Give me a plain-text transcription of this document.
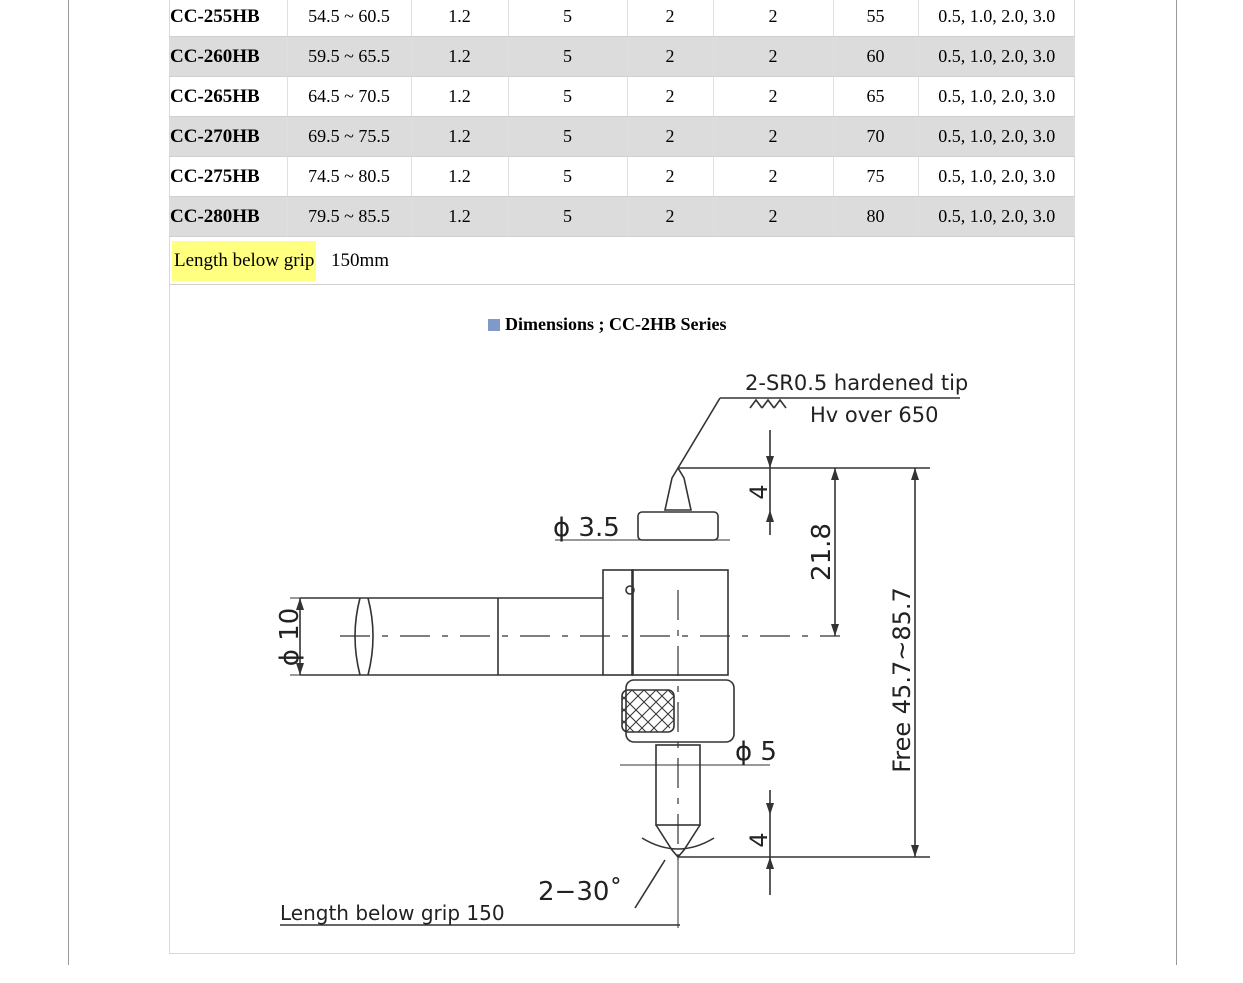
CC-255HB	54.5 ~ 60.5	1.2	5	2	2	55	0.5, 1.0, 2.0, 3.0
CC-260HB	59.5 ~ 65.5	1.2	5	2	2	60	0.5, 1.0, 2.0, 3.0
CC-265HB	64.5 ~ 70.5	1.2	5	2	2	65	0.5, 1.0, 2.0, 3.0
CC-270HB	69.5 ~ 75.5	1.2	5	2	2	70	0.5, 1.0, 2.0, 3.0
CC-275HB	74.5 ~ 80.5	1.2	5	2	2	75	0.5, 1.0, 2.0, 3.0
CC-280HB	79.5 ~ 85.5	1.2	5	2	2	80	0.5, 1.0, 2.0, 3.0
Length below grip 150mm
Dimensions ; CC-2HB Series
2-SR0.5 hardened tip
Hv over 650
ϕ 3.5
ϕ 5
2−30˚
Length below grip 150
4
21.8
Free 45.7~85.7
4
ϕ 10
